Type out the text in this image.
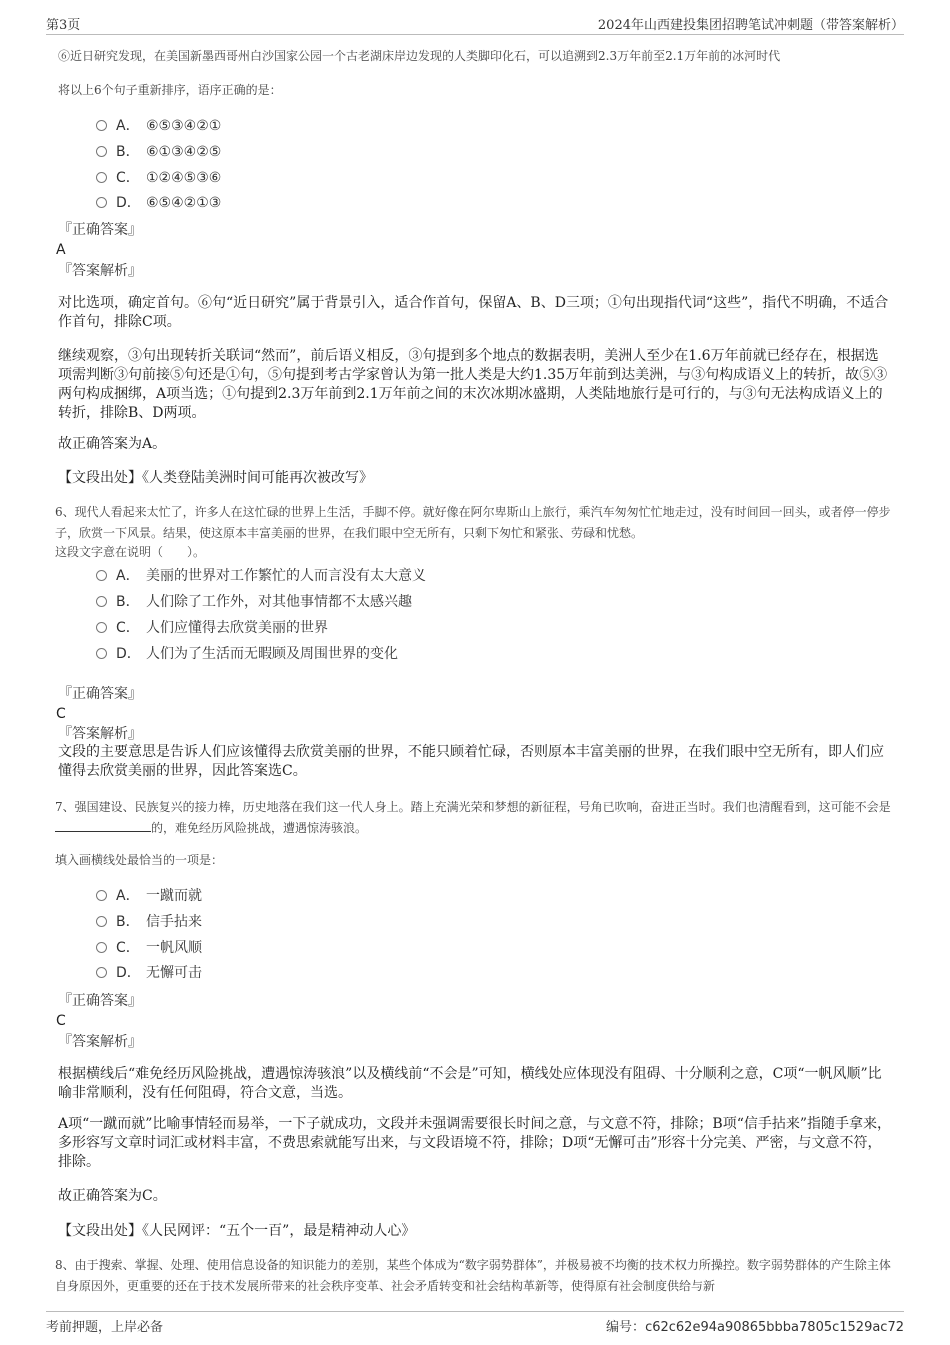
第3页	2024年山西建投集团招聘笔试冲刺题（带答案解析）
⑥近日研究发现，在美国新墨西哥州白沙国家公园一个古老湖床岸边发现的人类脚印化石，可以追溯到2.3万年前至2.1万年前的冰河时代
将以上6个句子重新排序，语序正确的是：
A． ⑥⑤③④②①
B． ⑥①③④②⑤
C． ①②④⑤③⑥
D． ⑥⑤④②①③
『正确答案』
A
『答案解析』
对比选项，确定首句。⑥句“近日研究”属于背景引入，适合作首句，保留A、B、D三项；①句出现指代词“这些”，指代不明确，不适合作首句，排除C项。
继续观察，③句出现转折关联词“然而”，前后语义相反，③句提到多个地点的数据表明，美洲人至少在1.6万年前就已经存在，根据选项需判断③句前接⑤句还是①句，⑤句提到考古学家曾认为第一批人类是大约1.35万年前到达美洲，与③句构成语义上的转折，故⑤③两句构成捆绑，A项当选；①句提到2.3万年前到2.1万年前之间的末次冰期冰盛期，人类陆地旅行是可行的，与③句无法构成语义上的转折，排除B、D两项。
故正确答案为A。
【文段出处】《人类登陆美洲时间可能再次被改写》
6、现代人看起来太忙了，许多人在这忙碌的世界上生活，手脚不停。就好像在阿尔卑斯山上旅行，乘汽车匆匆忙忙地走过，没有时间回一回头，或者停一停步子，欣赏一下风景。结果，使这原本丰富美丽的世界，在我们眼中空无所有，只剩下匆忙和紧张、劳碌和忧愁。
这段文字意在说明（　　）。
A． 美丽的世界对工作繁忙的人而言没有太大意义
B． 人们除了工作外，对其他事情都不太感兴趣
C． 人们应懂得去欣赏美丽的世界
D． 人们为了生活而无暇顾及周围世界的变化
『正确答案』
C
『答案解析』
文段的主要意思是告诉人们应该懂得去欣赏美丽的世界，不能只顾着忙碌，否则原本丰富美丽的世界，在我们眼中空无所有，即人们应懂得去欣赏美丽的世界，因此答案选C。
7、强国建设、民族复兴的接力棒，历史地落在我们这一代人身上。踏上充满光荣和梦想的新征程，号角已吹响，奋进正当时。我们也清醒看到，这可能不会是的，难免经历风险挑战，遭遇惊涛骇浪。
填入画横线处最恰当的一项是：
A． 一蹴而就
B． 信手拈来
C． 一帆风顺
D． 无懈可击
『正确答案』
C
『答案解析』
根据横线后“难免经历风险挑战，遭遇惊涛骇浪”以及横线前“不会是”可知，横线处应体现没有阻碍、十分顺利之意，C项“一帆风顺”比喻非常顺利，没有任何阻碍，符合文意，当选。
A项“一蹴而就”比喻事情轻而易举，一下子就成功，文段并未强调需要很长时间之意，与文意不符，排除；B项“信手拈来”指随手拿来，多形容写文章时词汇或材料丰富，不费思索就能写出来，与文段语境不符，排除；D项“无懈可击”形容十分完美、严密，与文意不符，排除。
故正确答案为C。
【文段出处】《人民网评：“五个一百”，最是精神动人心》
8、由于搜索、掌握、处理、使用信息设备的知识能力的差别，某些个体成为“数字弱势群体”，并极易被不均衡的技术权力所操控。数字弱势群体的产生除主体自身原因外，更重要的还在于技术发展所带来的社会秩序变革、社会矛盾转变和社会结构革新等，使得原有社会制度供给与新
考前押题，上岸必备	编号：c62c62e94a90865bbba7805c1529ac72
